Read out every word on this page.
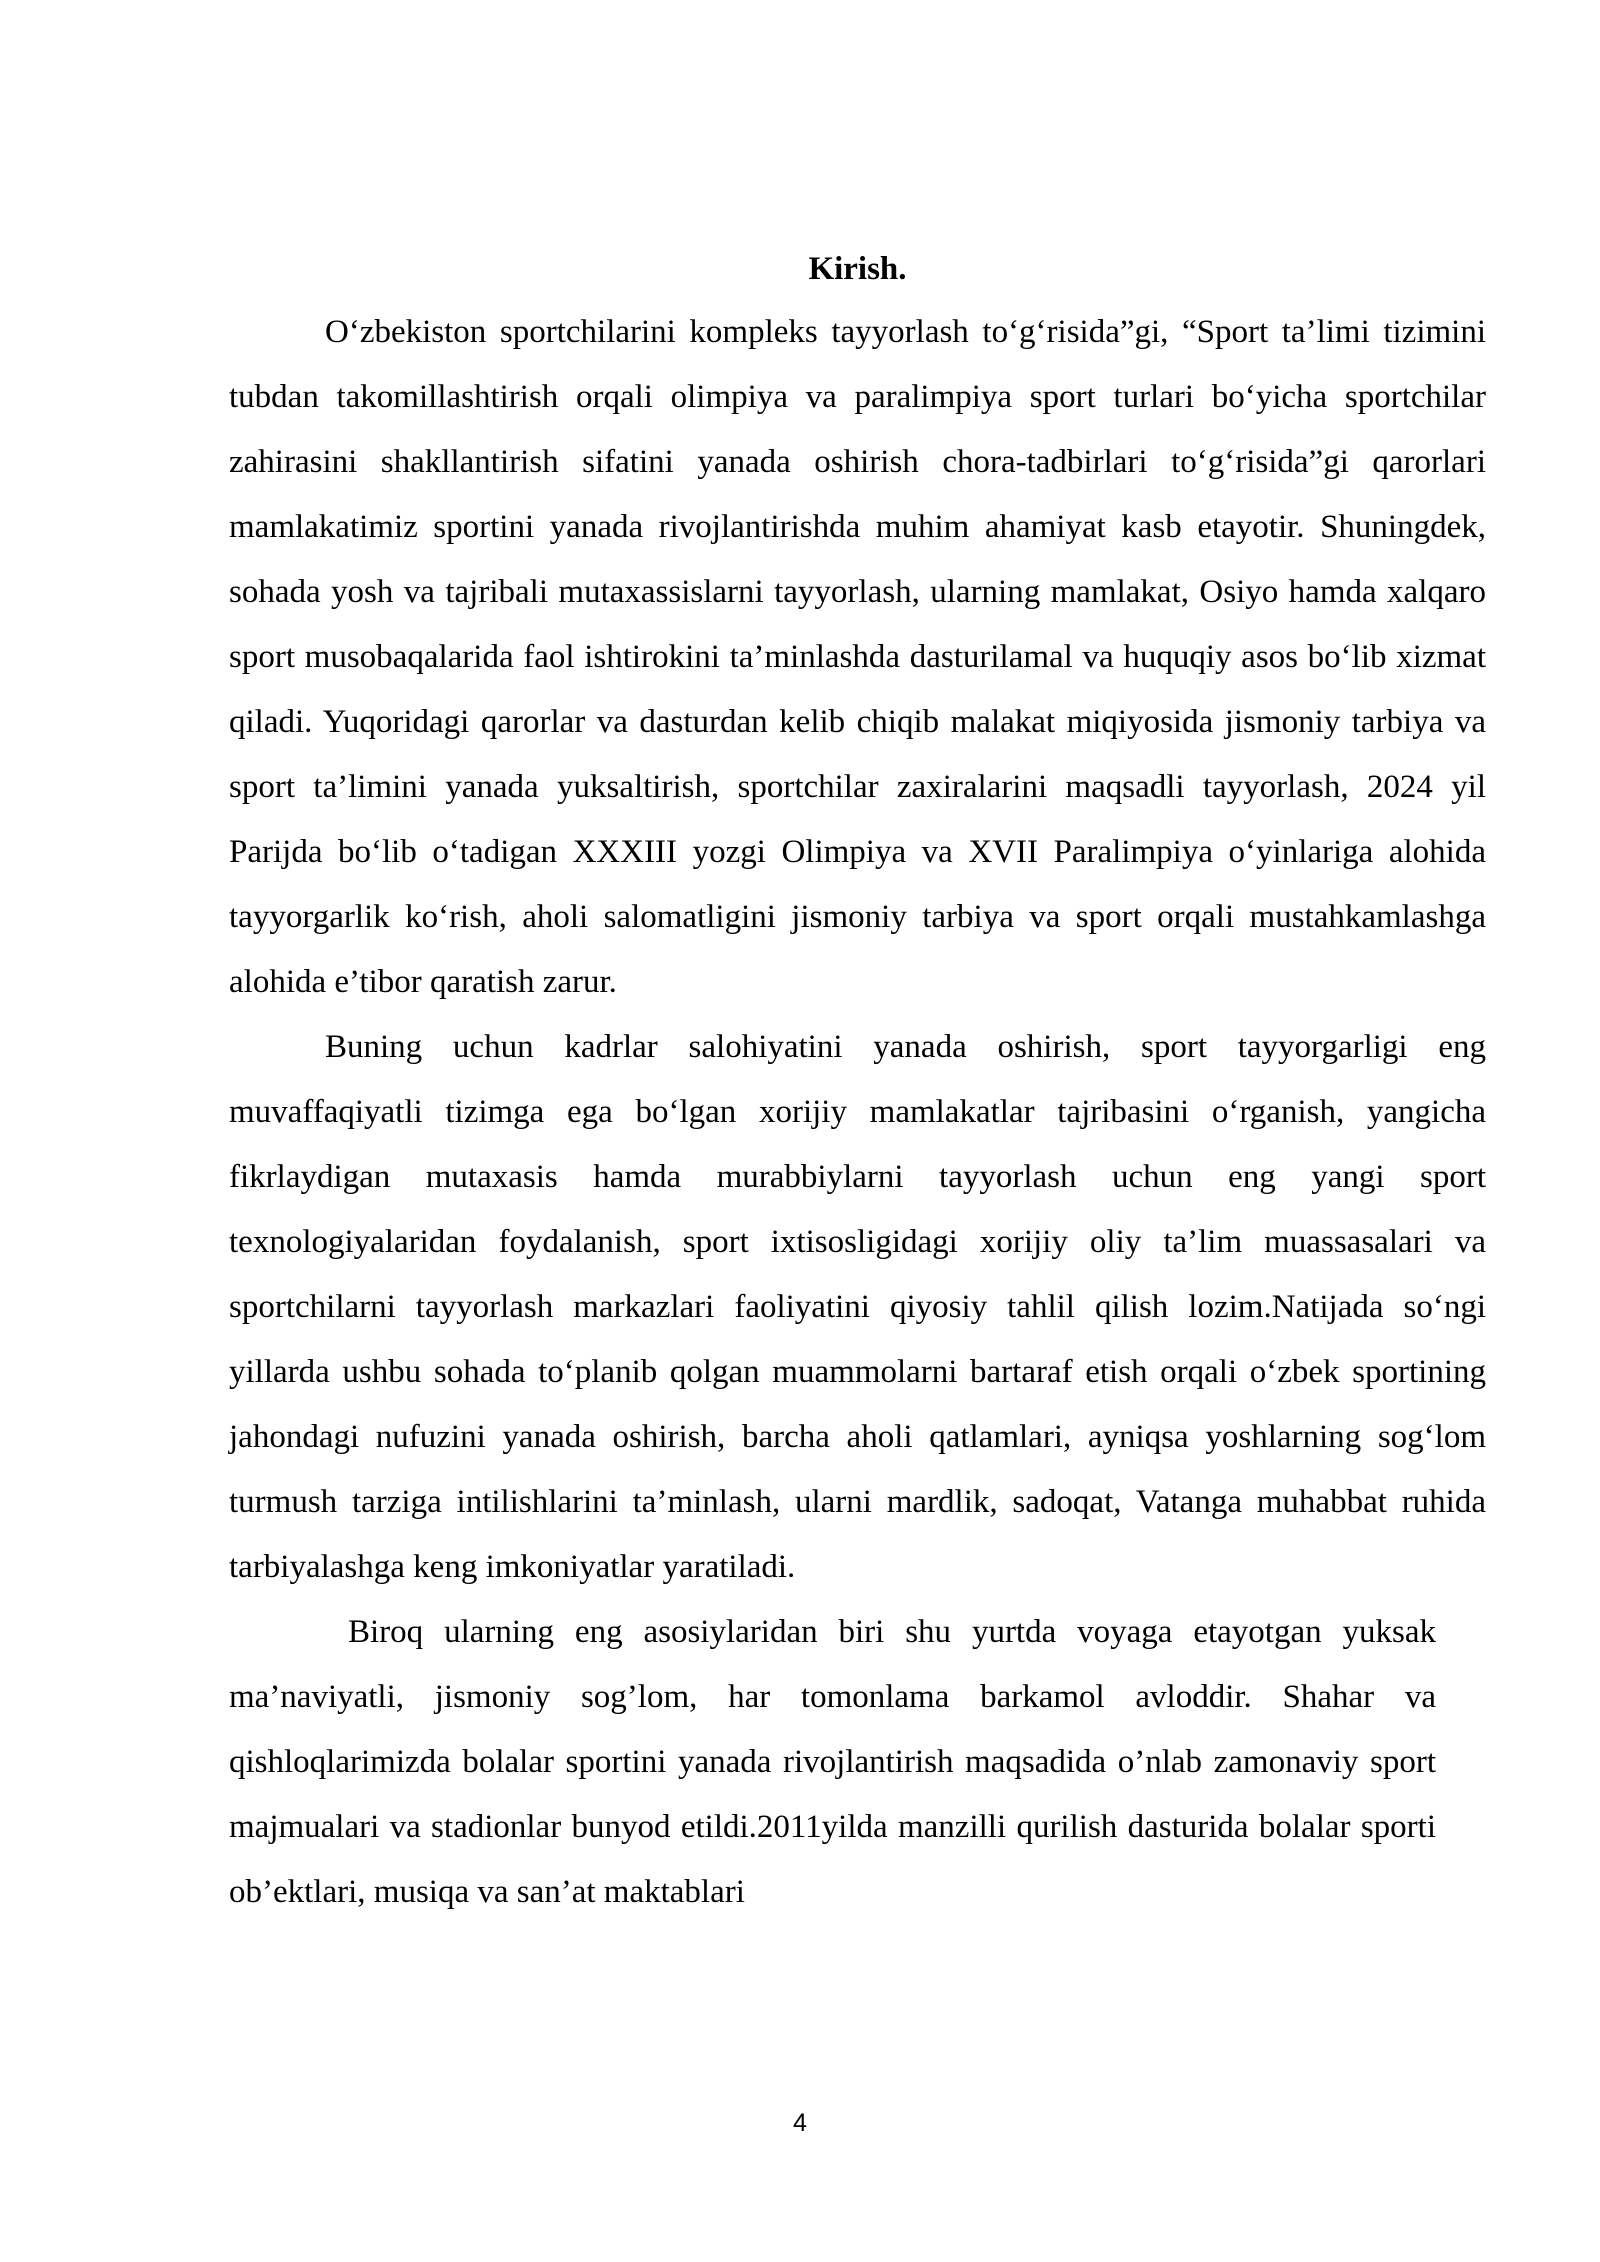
Kirish.

O‘zbekiston sportchilarini kompleks tayyorlash to‘g‘risida”gi, “Sport ta’limi tizimini tubdan takomillashtirish orqali olimpiya va paralimpiya sport turlari bo‘yicha sportchilar zahirasini shakllantirish sifatini yanada oshirish chora-tadbirlari to‘g‘risida”gi qarorlari mamlakatimiz sportini yanada rivojlantirishda muhim ahamiyat kasb etayotir. Shuningdek, sohada yosh va tajribali mutaxassislarni tayyorlash, ularning mamlakat, Osiyo hamda xalqaro sport musobaqalarida faol ishtirokini ta’minlashda dasturilamal va huquqiy asos bo‘lib xizmat qiladi. Yuqoridagi qarorlar va dasturdan kelib chiqib malakat miqiyosida jismoniy tarbiya va sport ta’limini yanada yuksaltirish, sportchilar zaxiralarini maqsadli tayyorlash, 2024 yil Parijda bo‘lib o‘tadigan XXXIII yozgi Olimpiya va XVII Paralimpiya o‘yinlariga alohida tayyorgarlik ko‘rish, aholi salomatligini jismoniy tarbiya va sport orqali mustahkamlashga alohida e’tibor qaratish zarur.

Buning uchun kadrlar salohiyatini yanada oshirish, sport tayyorgarligi eng muvaffaqiyatli tizimga ega bo‘lgan xorijiy mamlakatlar tajribasini o‘rganish, yangicha fikrlaydigan mutaxasis hamda murabbiylarni tayyorlash uchun eng yangi sport texnologiyalaridan foydalanish, sport ixtisosligidagi xorijiy oliy ta’lim muassasalari va sportchilarni tayyorlash markazlari faoliyatini qiyosiy tahlil qilish lozim.Natijada so‘ngi yillarda ushbu sohada to‘planib qolgan muammolarni bartaraf etish orqali o‘zbek sportining jahondagi nufuzini yanada oshirish, barcha aholi qatlamlari, ayniqsa yoshlarning sog‘lom turmush tarziga intilishlarini ta’minlash, ularni mardlik, sadoqat, Vatanga muhabbat ruhida tarbiyalashga keng imkoniyatlar yaratiladi.

Biroq ularning eng asosiylaridan biri shu yurtda voyaga etayotgan yuksak ma’naviyatli, jismoniy sog’lom, har tomonlama barkamol avloddir. Shahar va qishloqlarimizda bolalar sportini yanada rivojlantirish maqsadida o’nlab zamonaviy sport majmualari va stadionlar bunyod etildi.2011yilda manzilli qurilish dasturida bolalar sporti ob’ektlari, musiqa va san’at maktablari

4
